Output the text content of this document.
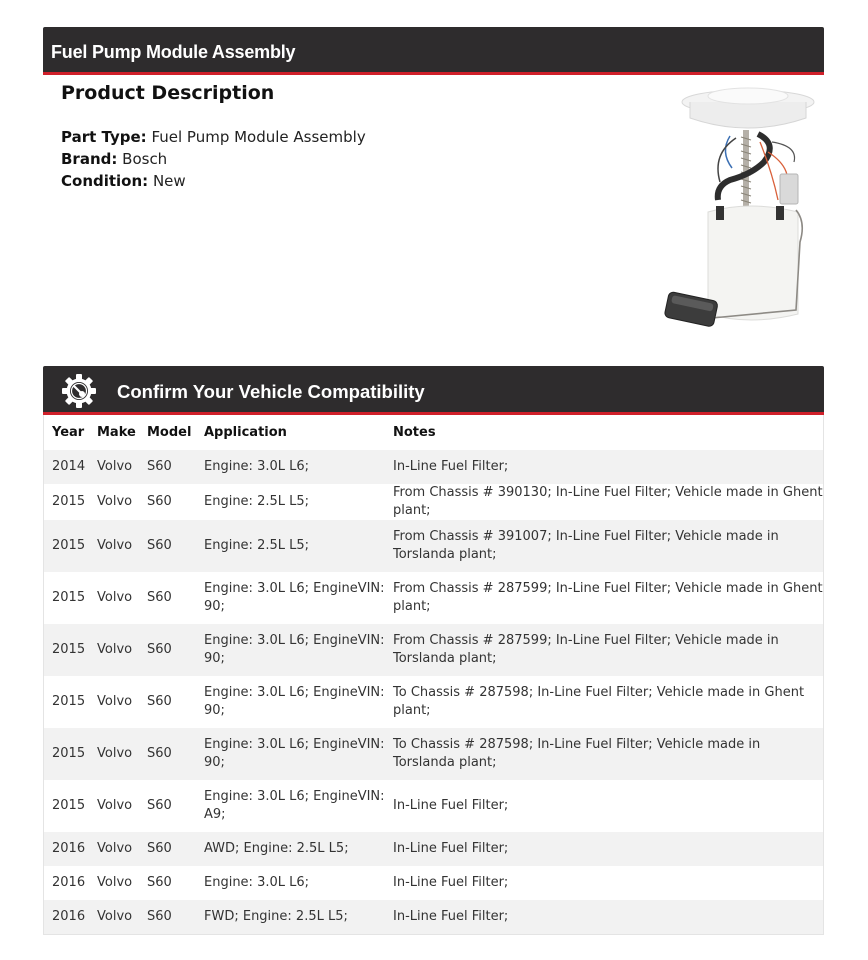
Fuel Pump Module Assembly
Product Description
Part Type: Fuel Pump Module Assembly
Brand: Bosch
Condition: New
Confirm Your Vehicle Compatibility
Year	Make	Model	Application	Notes
2014	Volvo	S60	Engine: 3.0L L6;	In-Line Fuel Filter;
2015	Volvo	S60	Engine: 2.5L L5;	From Chassis # 390130; In-Line Fuel Filter; Vehicle made in Ghent plant;
2015	Volvo	S60	Engine: 2.5L L5;	From Chassis # 391007; In-Line Fuel Filter; Vehicle made in Torslanda plant;
2015	Volvo	S60	Engine: 3.0L L6; EngineVIN: 90;	From Chassis # 287599; In-Line Fuel Filter; Vehicle made in Ghent plant;
2015	Volvo	S60	Engine: 3.0L L6; EngineVIN: 90;	From Chassis # 287599; In-Line Fuel Filter; Vehicle made in Torslanda plant;
2015	Volvo	S60	Engine: 3.0L L6; EngineVIN: 90;	To Chassis # 287598; In-Line Fuel Filter; Vehicle made in Ghent plant;
2015	Volvo	S60	Engine: 3.0L L6; EngineVIN: 90;	To Chassis # 287598; In-Line Fuel Filter; Vehicle made in Torslanda plant;
2015	Volvo	S60	Engine: 3.0L L6; EngineVIN: A9;	In-Line Fuel Filter;
2016	Volvo	S60	AWD; Engine: 2.5L L5;	In-Line Fuel Filter;
2016	Volvo	S60	Engine: 3.0L L6;	In-Line Fuel Filter;
2016	Volvo	S60	FWD; Engine: 2.5L L5;	In-Line Fuel Filter;
